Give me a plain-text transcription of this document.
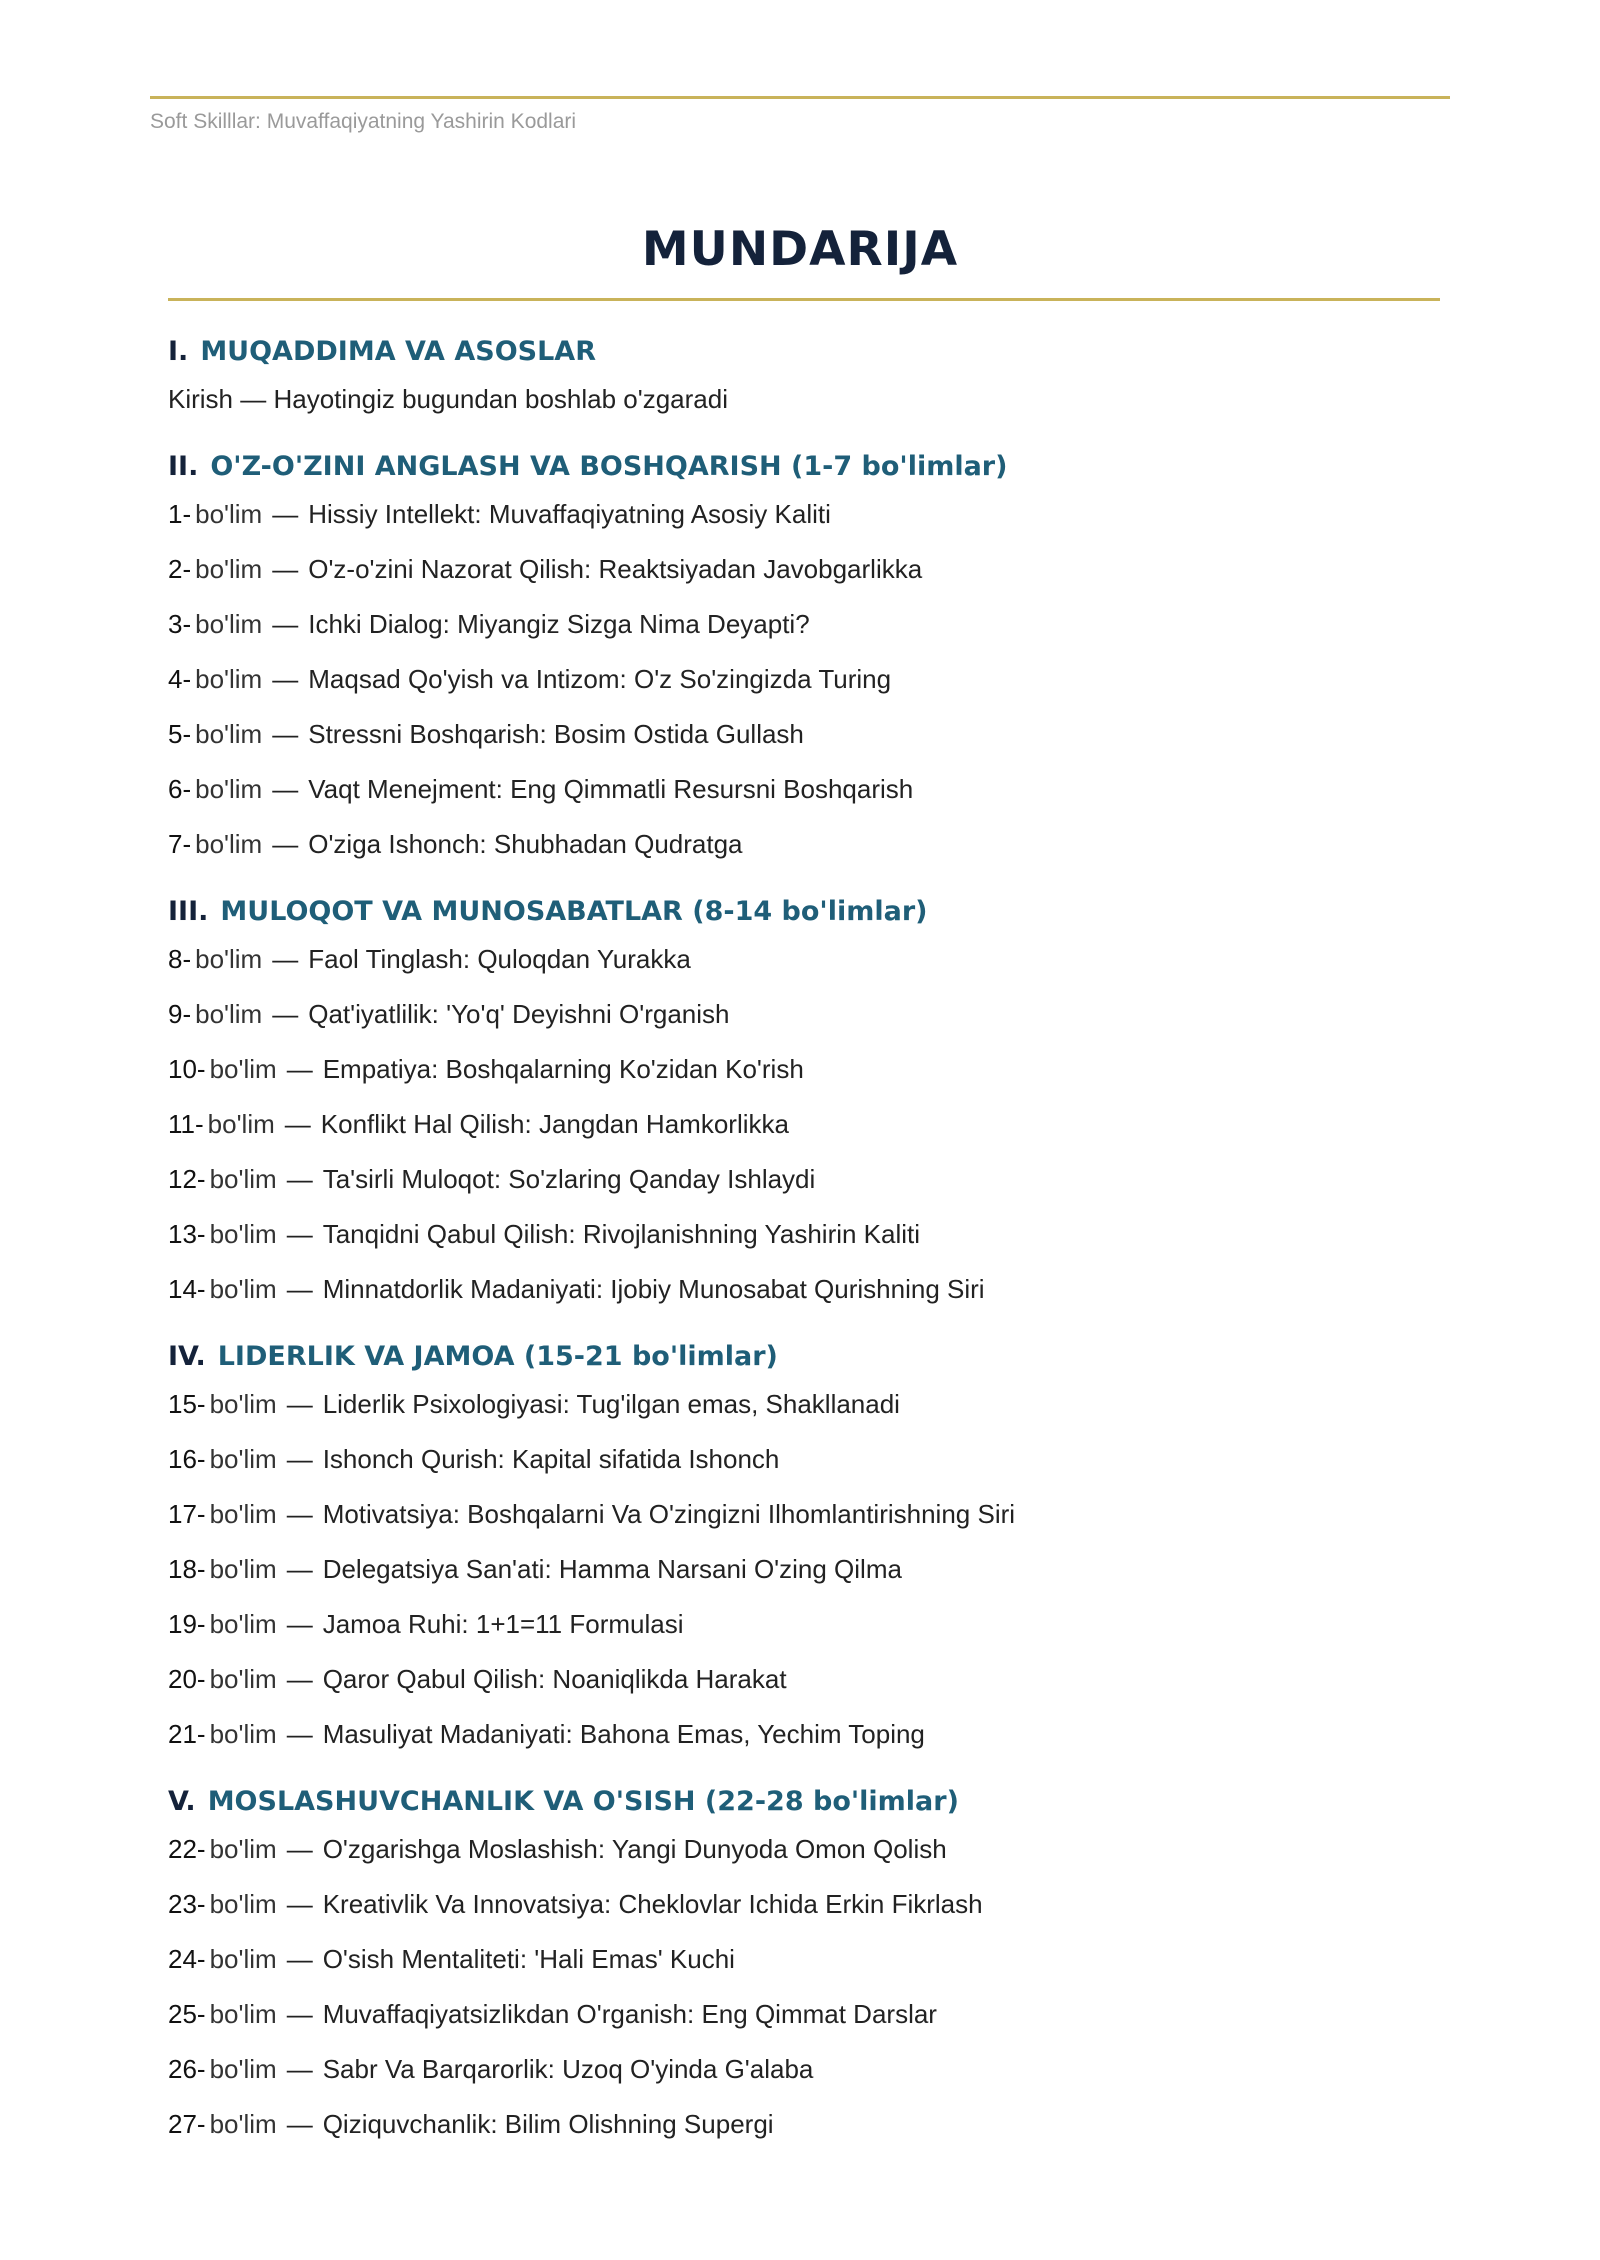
Soft Skilllar: Muvaffaqiyatning Yashirin Kodlari
MUNDARIJA
I. MUQADDIMA VA ASOSLAR
Kirish — Hayotingiz bugundan boshlab o'zgaradi
II. O'Z-O'ZINI ANGLASH VA BOSHQARISH (1-7 bo'limlar)
1- bo'lim — Hissiy Intellekt: Muvaffaqiyatning Asosiy Kaliti
2- bo'lim — O'z-o'zini Nazorat Qilish: Reaktsiyadan Javobgarlikka
3- bo'lim — Ichki Dialog: Miyangiz Sizga Nima Deyapti?
4- bo'lim — Maqsad Qo'yish va Intizom: O'z So'zingizda Turing
5- bo'lim — Stressni Boshqarish: Bosim Ostida Gullash
6- bo'lim — Vaqt Menejment: Eng Qimmatli Resursni Boshqarish
7- bo'lim — O'ziga Ishonch: Shubhadan Qudratga
III. MULOQOT VA MUNOSABATLAR (8-14 bo'limlar)
8- bo'lim — Faol Tinglash: Quloqdan Yurakka
9- bo'lim — Qat'iyatlilik: 'Yo'q' Deyishni O'rganish
10- bo'lim — Empatiya: Boshqalarning Ko'zidan Ko'rish
11- bo'lim — Konflikt Hal Qilish: Jangdan Hamkorlikka
12- bo'lim — Ta'sirli Muloqot: So'zlaring Qanday Ishlaydi
13- bo'lim — Tanqidni Qabul Qilish: Rivojlanishning Yashirin Kaliti
14- bo'lim — Minnatdorlik Madaniyati: Ijobiy Munosabat Qurishning Siri
IV. LIDERLIK VA JAMOA (15-21 bo'limlar)
15- bo'lim — Liderlik Psixologiyasi: Tug'ilgan emas, Shakllanadi
16- bo'lim — Ishonch Qurish: Kapital sifatida Ishonch
17- bo'lim — Motivatsiya: Boshqalarni Va O'zingizni Ilhomlantirishning Siri
18- bo'lim — Delegatsiya San'ati: Hamma Narsani O'zing Qilma
19- bo'lim — Jamoa Ruhi: 1+1=11 Formulasi
20- bo'lim — Qaror Qabul Qilish: Noaniqlikda Harakat
21- bo'lim — Masuliyat Madaniyati: Bahona Emas, Yechim Toping
V. MOSLASHUVCHANLIK VA O'SISH (22-28 bo'limlar)
22- bo'lim — O'zgarishga Moslashish: Yangi Dunyoda Omon Qolish
23- bo'lim — Kreativlik Va Innovatsiya: Cheklovlar Ichida Erkin Fikrlash
24- bo'lim — O'sish Mentaliteti: 'Hali Emas' Kuchi
25- bo'lim — Muvaffaqiyatsizlikdan O'rganish: Eng Qimmat Darslar
26- bo'lim — Sabr Va Barqarorlik: Uzoq O'yinda G'alaba
27- bo'lim — Qiziquvchanlik: Bilim Olishning Supergi
